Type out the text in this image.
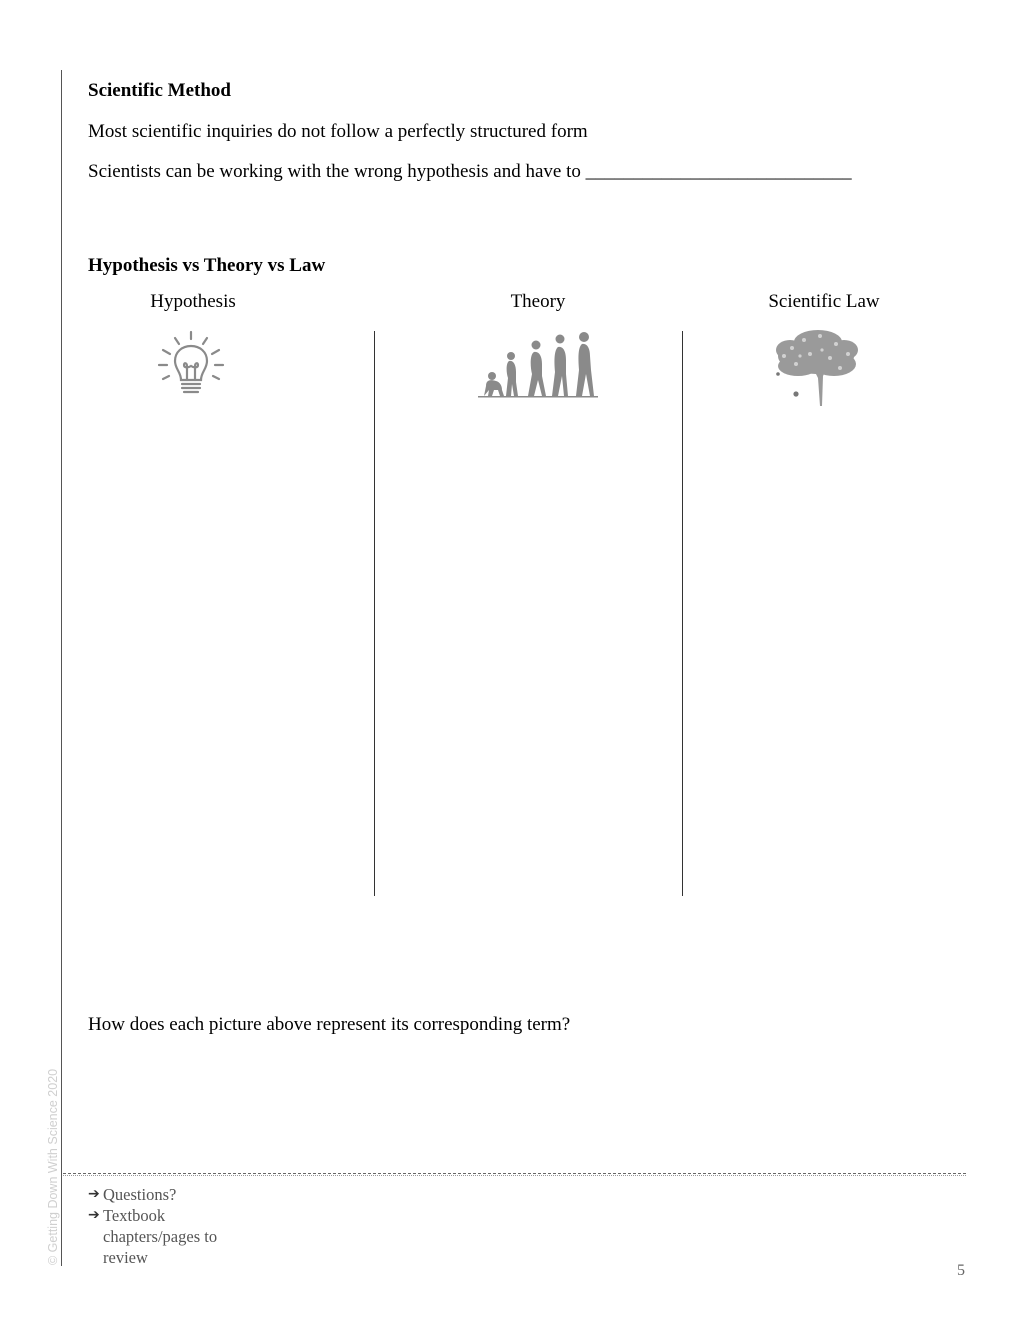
© Getting Down With Science 2020
Scientific Method
Most scientific inquiries do not follow a perfectly structured form
Scientists can be working with the wrong hypothesis and have to ____________________________
Hypothesis vs Theory vs Law
Hypothesis	Theory	Scientific Law
How does each picture above represent its corresponding term?
➔ Questions?
➔ Textbook chapters/pages to review
5
